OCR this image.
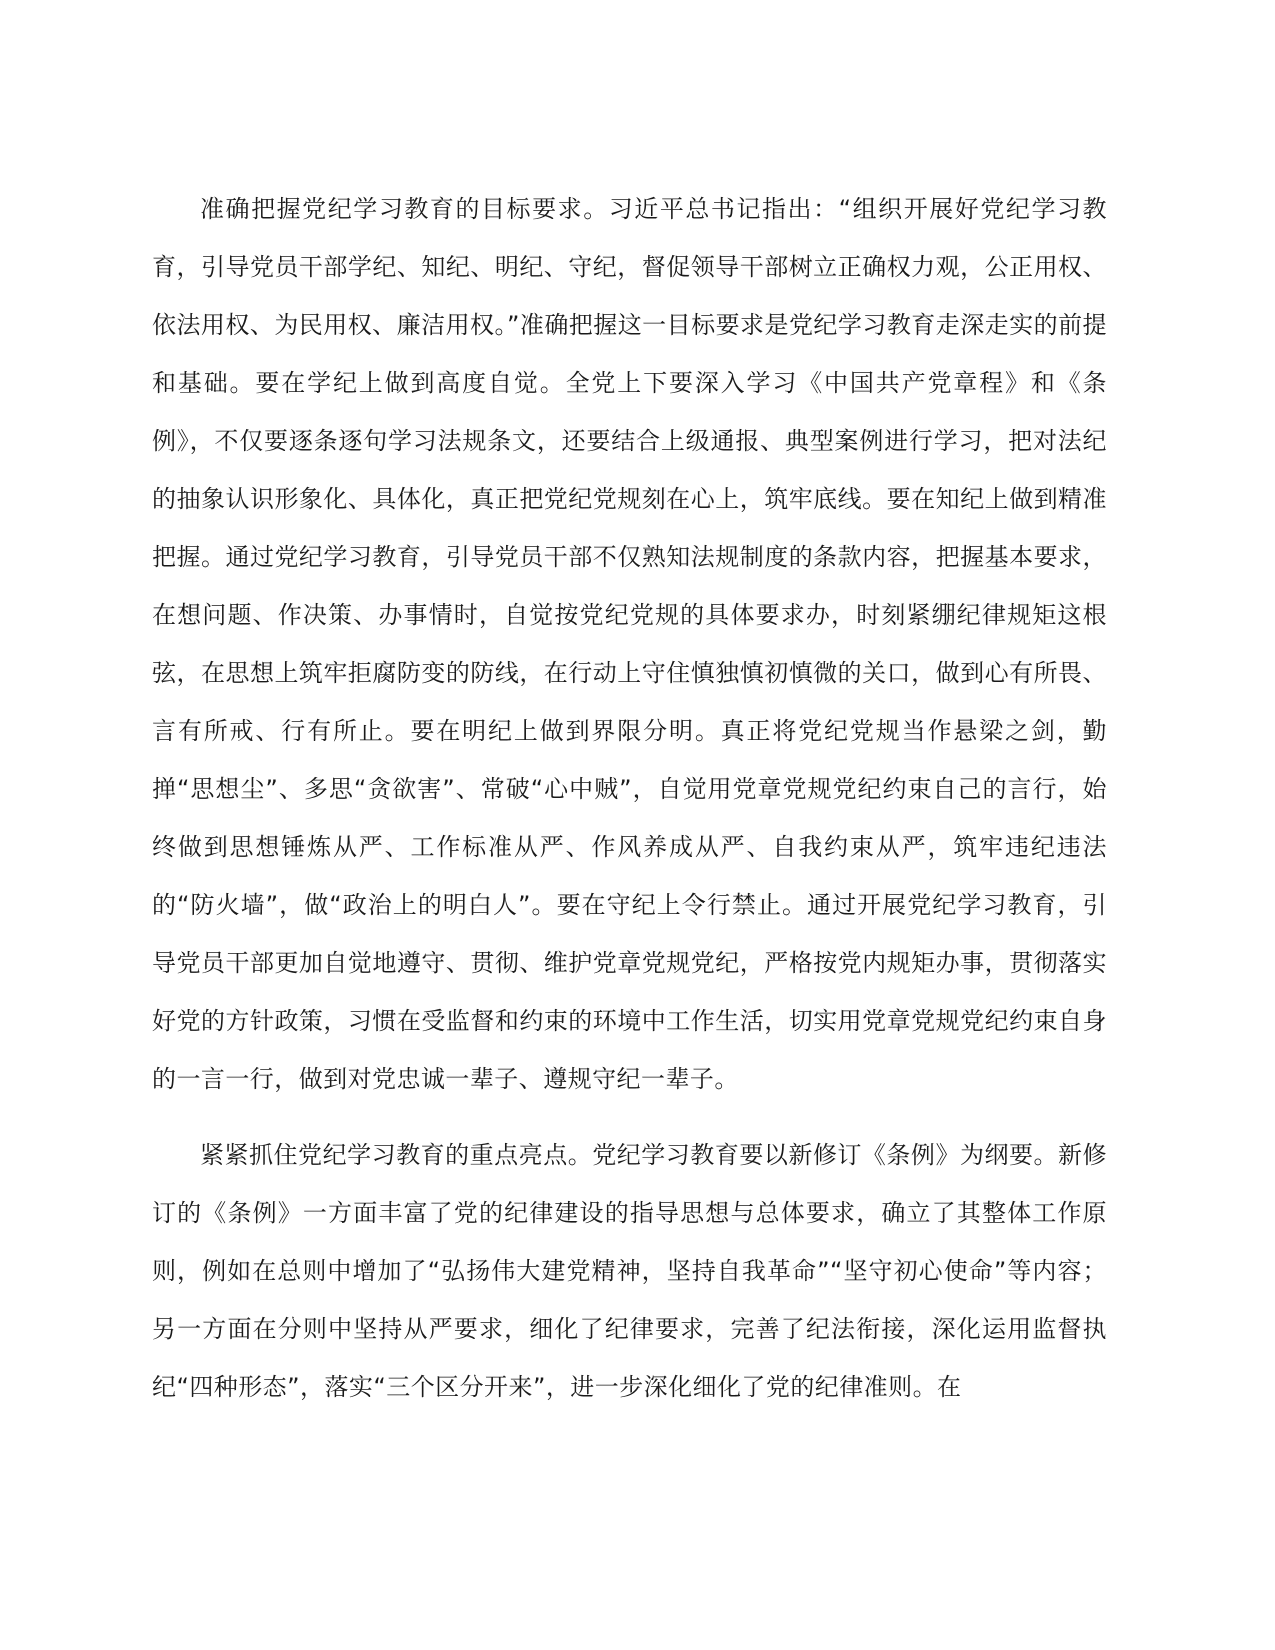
准确把握党纪学习教育的目标要求。习近平总书记指出：“组织开展好党纪学习教育，引导党员干部学纪、知纪、明纪、守纪，督促领导干部树立正确权力观，公正用权、依法用权、为民用权、廉洁用权。”准确把握这一目标要求是党纪学习教育走深走实的前提和基础。要在学纪上做到高度自觉。全党上下要深入学习《中国共产党章程》和《条例》，不仅要逐条逐句学习法规条文，还要结合上级通报、典型案例进行学习，把对法纪的抽象认识形象化、具体化，真正把党纪党规刻在心上，筑牢底线。要在知纪上做到精准把握。通过党纪学习教育，引导党员干部不仅熟知法规制度的条款内容，把握基本要求，在想问题、作决策、办事情时，自觉按党纪党规的具体要求办，时刻紧绷纪律规矩这根弦，在思想上筑牢拒腐防变的防线，在行动上守住慎独慎初慎微的关口，做到心有所畏、言有所戒、行有所止。要在明纪上做到界限分明。真正将党纪党规当作悬梁之剑，勤掸“思想尘”、多思“贪欲害”、常破“心中贼”，自觉用党章党规党纪约束自己的言行，始终做到思想锤炼从严、工作标准从严、作风养成从严、自我约束从严，筑牢违纪违法的“防火墙”，做“政治上的明白人”。要在守纪上令行禁止。通过开展党纪学习教育，引导党员干部更加自觉地遵守、贯彻、维护党章党规党纪，严格按党内规矩办事，贯彻落实好党的方针政策，习惯在受监督和约束的环境中工作生活，切实用党章党规党纪约束自身的一言一行，做到对党忠诚一辈子、遵规守纪一辈子。

紧紧抓住党纪学习教育的重点亮点。党纪学习教育要以新修订《条例》为纲要。新修订的《条例》一方面丰富了党的纪律建设的指导思想与总体要求，确立了其整体工作原则，例如在总则中增加了“弘扬伟大建党精神，坚持自我革命”“坚守初心使命”等内容；另一方面在分则中坚持从严要求，细化了纪律要求，完善了纪法衔接，深化运用监督执纪“四种形态”，落实“三个区分开来”，进一步深化细化了党的纪律准则。在
